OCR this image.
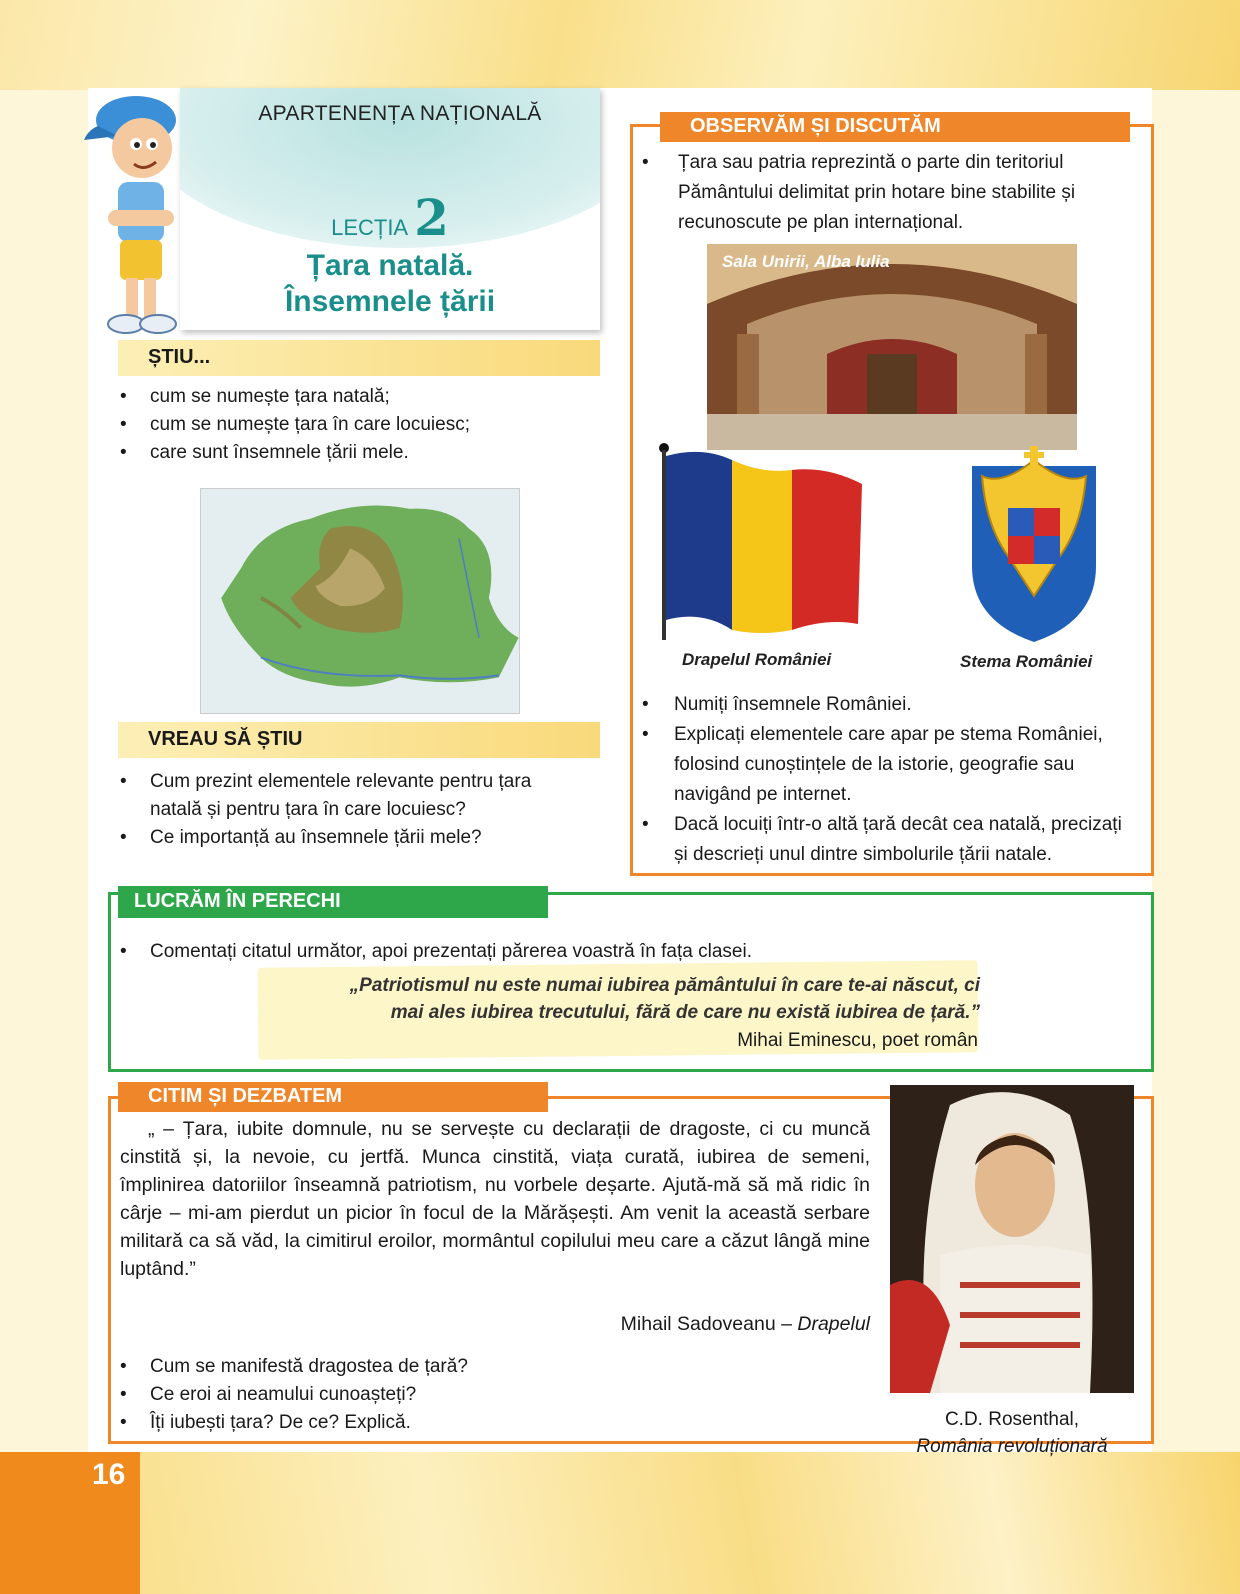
16
APARTENENȚA NAȚIONALĂ
LECȚIA 2
Țara natală.
Însemnele țării
ȘTIU...
• cum se numește țara natală;
• cum se numește țara în care locuiesc;
• care sunt însemnele țării mele.
VREAU SĂ ȘTIU
• Cum prezint elementele relevante pentru țara natală și pentru țara în care locuiesc?
• Ce importanță au însemnele țării mele?
OBSERVĂM ȘI DISCUTĂM
• Țara sau patria reprezintă o parte din teritoriul Pământului delimitat prin hotare bine stabilite și recunoscute pe plan internațional.
Sala Unirii, Alba Iulia
Drapelul României	Stema României
• Numiți însemnele României.
• Explicați elementele care apar pe stema României, folosind cunoștințele de la istorie, geografie sau navigând pe internet.
• Dacă locuiți într-o altă țară decât cea natală, precizați și descrieți unul dintre simbolurile țării natale.
LUCRĂM ÎN PERECHI
• Comentați citatul următor, apoi prezentați părerea voastră în fața clasei.
„Patriotismul nu este numai iubirea pământului în care te-ai născut, ci
mai ales iubirea trecutului, fără de care nu există iubirea de țară.”
Mihai Eminescu, poet român
CITIM ȘI DEZBATEM
„ – Țara, iubite domnule, nu se servește cu declarații de dragoste, ci cu muncă cinstită și, la nevoie, cu jertfă. Munca cinstită, viața curată, iubirea de semeni, împlinirea datoriilor înseamnă patriotism, nu vorbele deșarte. Ajută-mă să mă ridic în cârje – mi-am pierdut un picior în focul de la Mărășești. Am venit la această serbare militară ca să văd, la cimitirul eroilor, mormântul copilului meu care a căzut lângă mine luptând.”
Mihail Sadoveanu – Drapelul
• Cum se manifestă dragostea de țară?
• Ce eroi ai neamului cunoaștеți?
• Îți iubești țara? De ce? Explică.	C.D. Rosenthal,
România revoluționară
